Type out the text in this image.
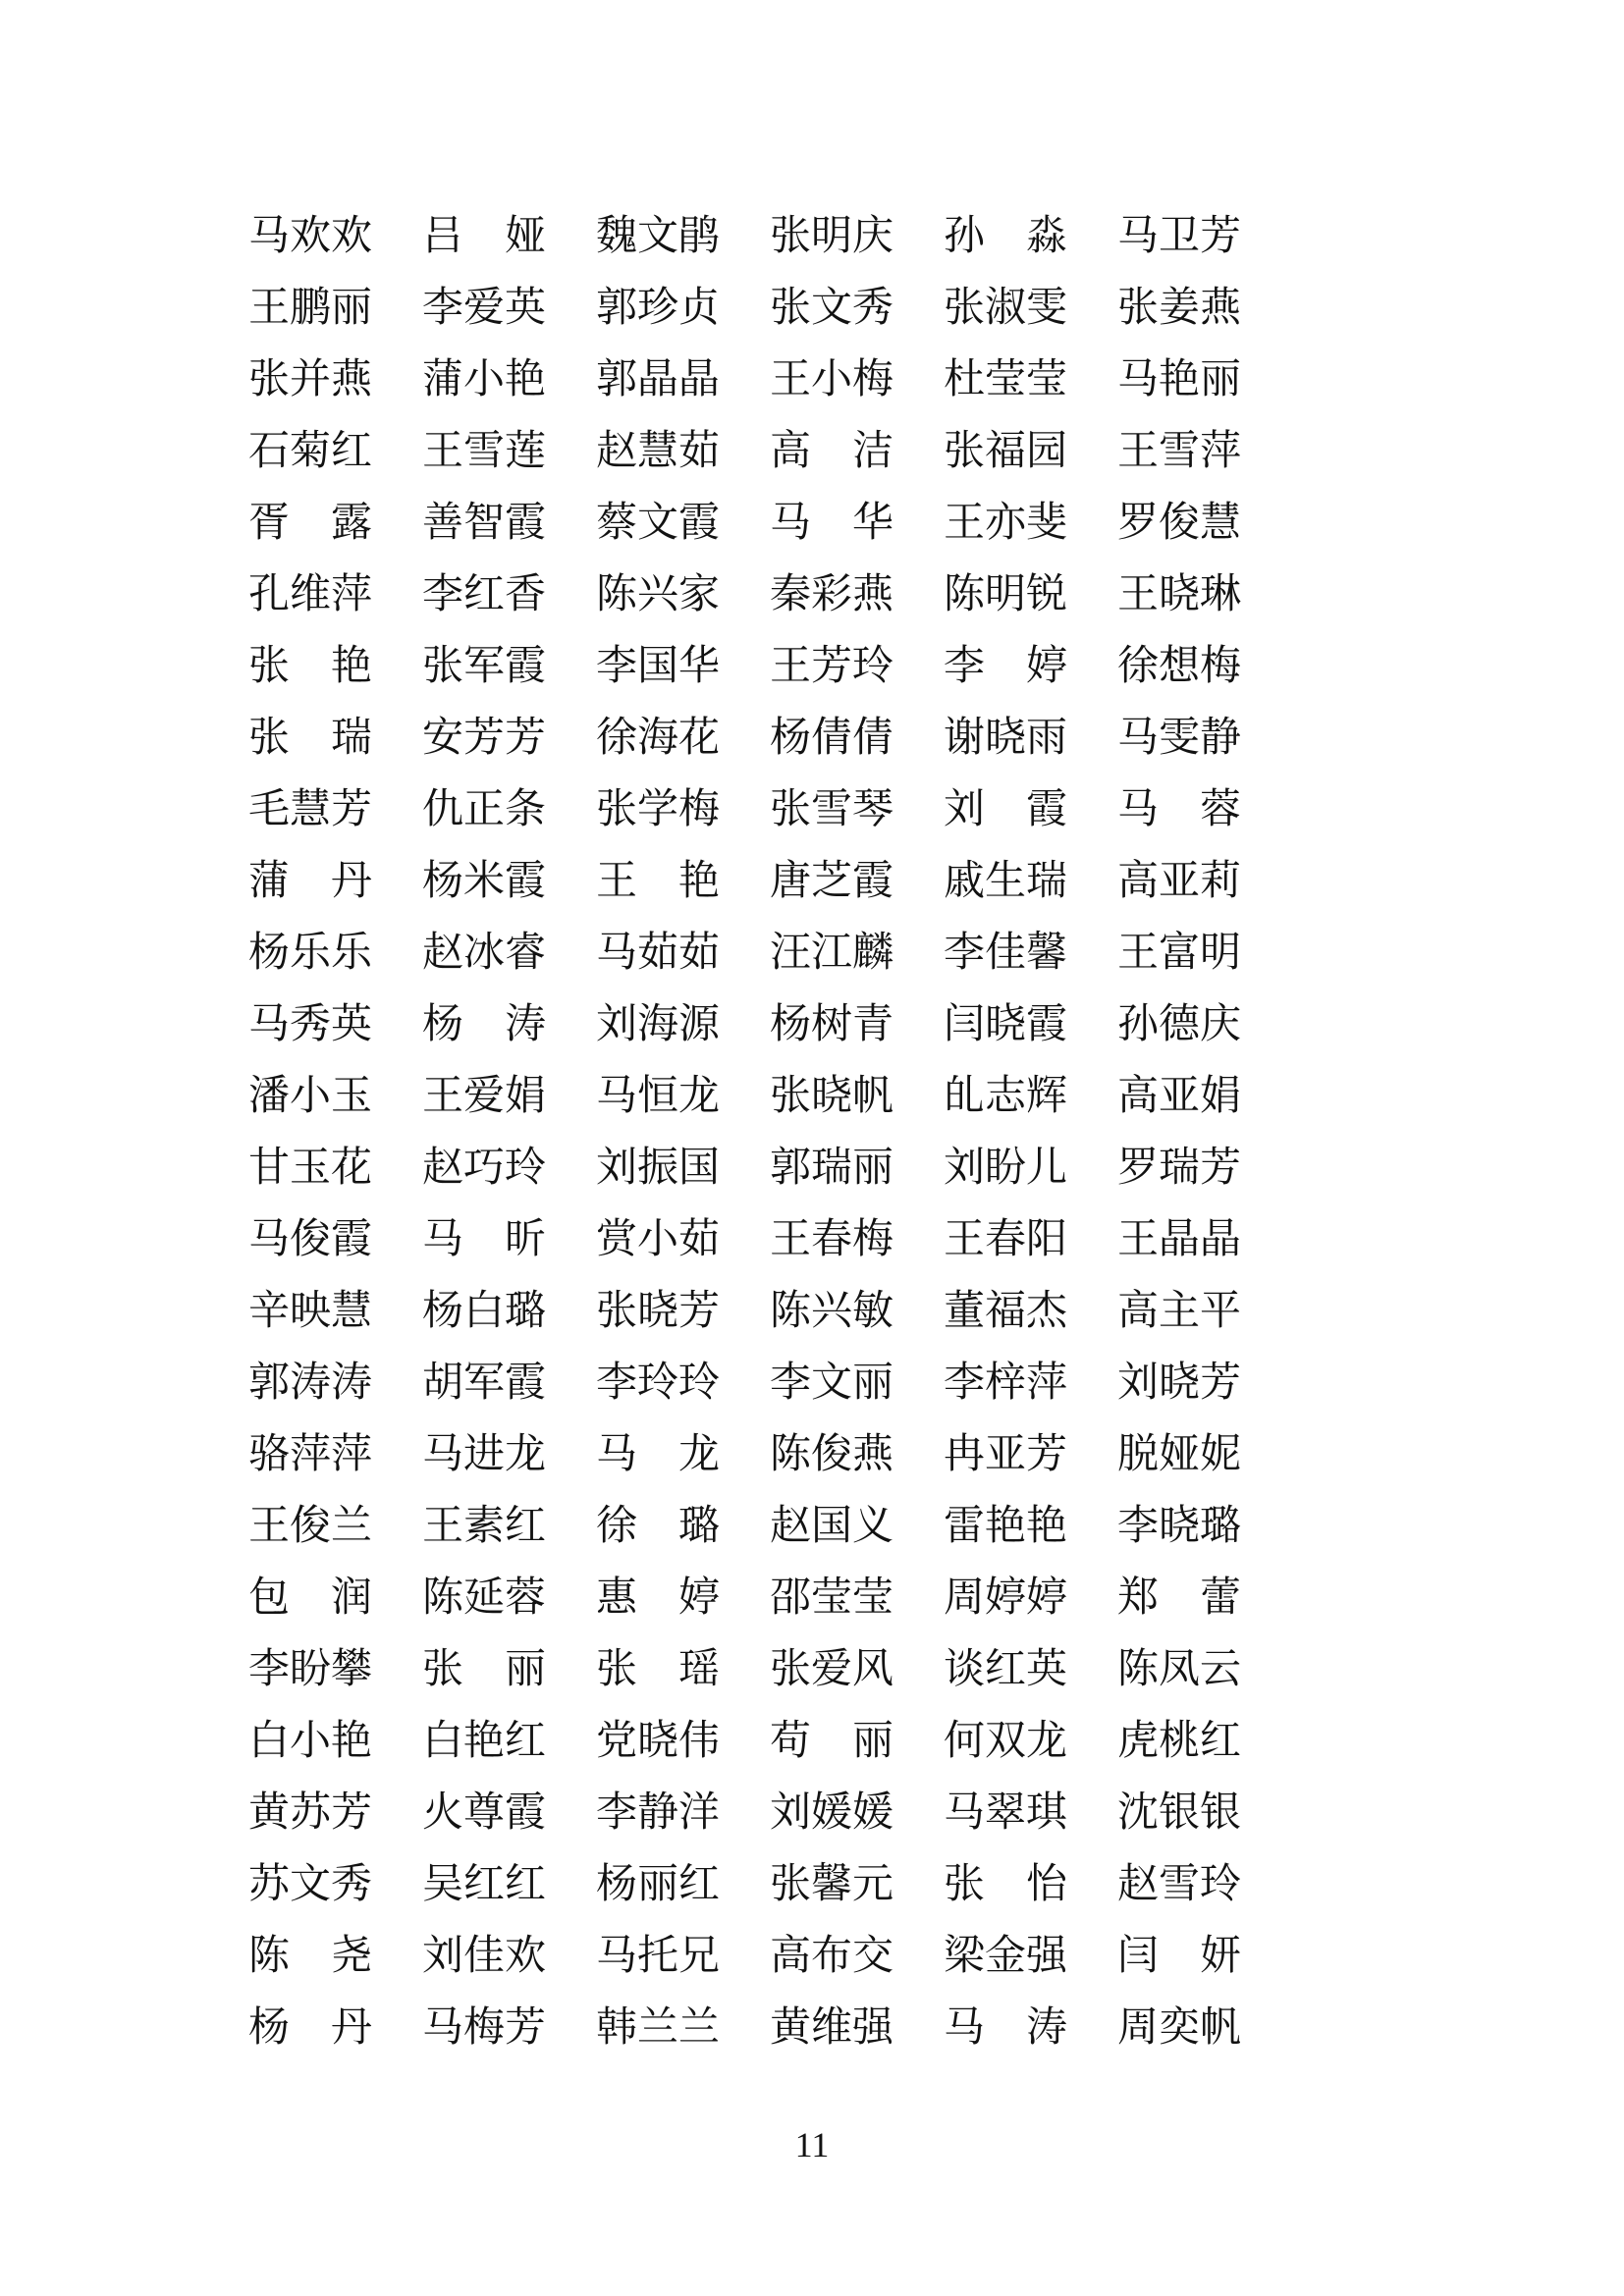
马欢欢 吕　娅 魏文鹃 张明庆 孙　淼 马卫芳
王鹏丽 李爱英 郭珍贞 张文秀 张淑雯 张姜燕
张并燕 蒲小艳 郭晶晶 王小梅 杜莹莹 马艳丽
石菊红 王雪莲 赵慧茹 高　洁 张福园 王雪萍
胥　露 善智霞 蔡文霞 马　华 王亦斐 罗俊慧
孔维萍 李红香 陈兴家 秦彩燕 陈明锐 王晓琳
张　艳 张军霞 李国华 王芳玲 李　婷 徐想梅
张　瑞 安芳芳 徐海花 杨倩倩 谢晓雨 马雯静
毛慧芳 仇正条 张学梅 张雪琴 刘　霞 马　蓉
蒲　丹 杨米霞 王　艳 唐芝霞 戚生瑞 高亚莉
杨乐乐 赵冰睿 马茹茹 汪江麟 李佳馨 王富明
马秀英 杨　涛 刘海源 杨树青 闫晓霞 孙德庆
潘小玉 王爱娟 马恒龙 张晓帆 癿志辉 高亚娟
甘玉花 赵巧玲 刘振国 郭瑞丽 刘盼儿 罗瑞芳
马俊霞 马　昕 赏小茹 王春梅 王春阳 王晶晶
辛映慧 杨白璐 张晓芳 陈兴敏 董福杰 高主平
郭涛涛 胡军霞 李玲玲 李文丽 李梓萍 刘晓芳
骆萍萍 马进龙 马　龙 陈俊燕 冉亚芳 脱娅妮
王俊兰 王素红 徐　璐 赵国义 雷艳艳 李晓璐
包　润 陈延蓉 惠　婷 邵莹莹 周婷婷 郑　蕾
李盼攀 张　丽 张　瑶 张爱风 谈红英 陈凤云
白小艳 白艳红 党晓伟 苟　丽 何双龙 虎桃红
黄苏芳 火尊霞 李静洋 刘媛媛 马翠琪 沈银银
苏文秀 吴红红 杨丽红 张馨元 张　怡 赵雪玲
陈　尧 刘佳欢 马托兄 高布交 梁金强 闫　妍
杨　丹 马梅芳 韩兰兰 黄维强 马　涛 周奕帆
11
